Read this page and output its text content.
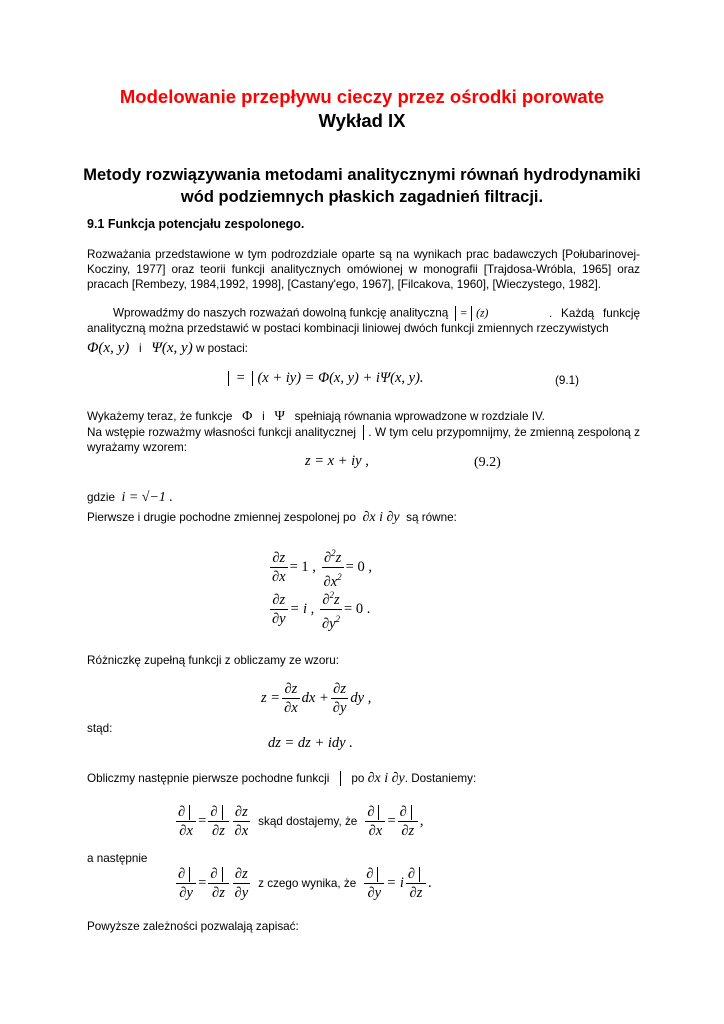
Modelowanie przepływu cieczy przez ośrodki porowate
Wykład IX
Metody rozwiązywania metodami analitycznymi równań hydrodynamiki wód podziemnych płaskich zagadnień filtracji.
9.1 Funkcja potencjału zespolonego.
Rozważania przedstawione w tym podrozdziale oparte są na wynikach prac badawczych [Połubarinovej-Kocziny, 1977] oraz teorii funkcji analitycznych omówionej w monografii [Trajdosa-Wróbla, 1965] oraz pracach [Rembezy, 1984,1992, 1998], [Castany'ego, 1967], [Filcakova, 1960], [Wieczystego, 1982].
Wprowadźmy do naszych rozważań dowolną funkcję analityczną = (z)	. Każdą funkcję analityczną można przedstawić w postaci kombinacji liniowej dwóch funkcji zmiennych rzeczywistych
Φ(x, y) i Ψ(x, y) w postaci:
= (x + iy) = Φ(x, y) + iΨ(x, y).	(9.1)
Wykażemy teraz, że funkcje Φ i Ψ spełniają równania wprowadzone w rozdziale IV.
Na wstępie rozważmy własności funkcji analitycznej . W tym celu przypomnijmy, że zmienną zespoloną z wyrażamy wzorem:
z = x + iy ,	(9.2)
gdzie i = √−1 .
Pierwsze i drugie pochodne zmiennej zespolonej po ∂x i ∂y są równe:
$\frac{\partial z}{\partial x} = 1$ ,
$\frac{\partial^2z}{\partial x^2} = 0$ ,
$\frac{\partial z}{\partial y} = i$ ,
$\frac{\partial^2z}{\partial y^2} = 0$ .
Różniczkę zupełną funkcji z obliczamy ze wzoru:
$z = \frac{\partial z}{\partial x}$ dx + $\frac{\partial z}{\partial y}$ dy ,
stąd:
dz = dz + idy .
Obliczmy następnie pierwsze pochodne funkcji po ∂x i ∂y. Dostaniemy:
$\frac{\partial}{\partial x} = \frac{\partial}{\partial z} \frac{\partial z}{\partial x}$ skąd dostajemy, że $\frac{\partial}{\partial x} = \frac{\partial}{\partial z}$ ,
a następnie
$\frac{\partial}{\partial y} = \frac{\partial}{\partial z} \frac{\partial z}{\partial y}$ z czego wynika, że $\frac{\partial}{\partial y} = i \frac{\partial}{\partial z}$ .
Powyższe zależności pozwalają zapisać:
